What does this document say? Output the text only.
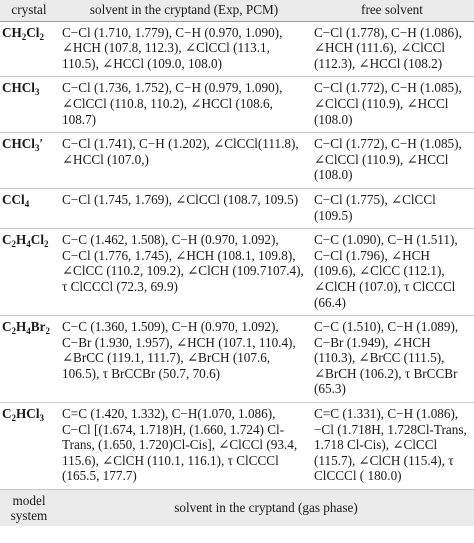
crystal	solvent in the cryptand (Exp, PCM)	free solvent
$CH_2Cl_2$	C−Cl (1.710, 1.779), C−H (0.970, 1.090), ∠HCH (107.8, 112.3), ∠ClCCl (113.1, 110.5), ∠HCCl (109.0, 108.0)	C−Cl (1.778), C−H (1.086), ∠HCH (111.6), ∠ClCCl (112.3), ∠HCCl (108.2)
CHCl$_3$	C−Cl (1.736, 1.752), C−H (0.979, 1.090), ∠ClCCl (110.8, 110.2), ∠HCCl (108.6, 108.7)	C−Cl (1.772), C−H (1.085), ∠ClCCl (110.9), ∠HCCl (108.0)
CHCl$_3$′	C−Cl (1.741), C−H (1.202), ∠ClCCl(111.8), ∠HCCl (107.0,)	C−Cl (1.772), C−H (1.085), ∠ClCCl (110.9), ∠HCCl (108.0)
CCl$_4$	C−Cl (1.745, 1.769), ∠ClCCl (108.7, 109.5)	C−Cl (1.775), ∠ClCCl (109.5)
$C_2H_4Cl_2$	C−C (1.462, 1.508), C−H (0.970, 1.092), C−Cl (1.776, 1.745), ∠HCH (108.1, 109.8), ∠ClCC (110.2, 109.2), ∠ClCH (109.7107.4), τ ClCCCl (72.3, 69.9)	C−C (1.090), C−H (1.511), C−Cl (1.796), ∠HCH (109.6), ∠ClCC (112.1), ∠ClCH (107.0), τ ClCCCl (66.4)
$C_2H_4Br_2$	C−C (1.360, 1.509), C−H (0.970, 1.092), C−Br (1.930, 1.957), ∠HCH (107.1, 110.4), ∠BrCC (119.1, 111.7), ∠BrCH (107.6, 106.5), τ BrCCBr (50.7, 70.6)	C−C (1.510), C−H (1.089), C−Br (1.949), ∠HCH (110.3), ∠BrCC (111.5), ∠BrCH (106.2), τ BrCCBr (65.3)
$C_2HCl_3$	C=C (1.420, 1.332), C−H(1.070, 1.086), C−Cl [(1.674, 1.718)H, (1.660, 1.724) Cl-Trans, (1.650, 1.720)Cl-Cis], ∠ClCCl (93.4, 115.6), ∠ClCH (110.1, 116.1), τ ClCCCl (165.5, 177.7)	C=C (1.331), C−H (1.086), −Cl (1.718H, 1.728Cl-Trans, 1.718 Cl-Cis), ∠ClCCl (115.7), ∠ClCH (115.4), τ ClCCCl ( 180.0)
model system	solvent in the cryptand (gas phase)	
